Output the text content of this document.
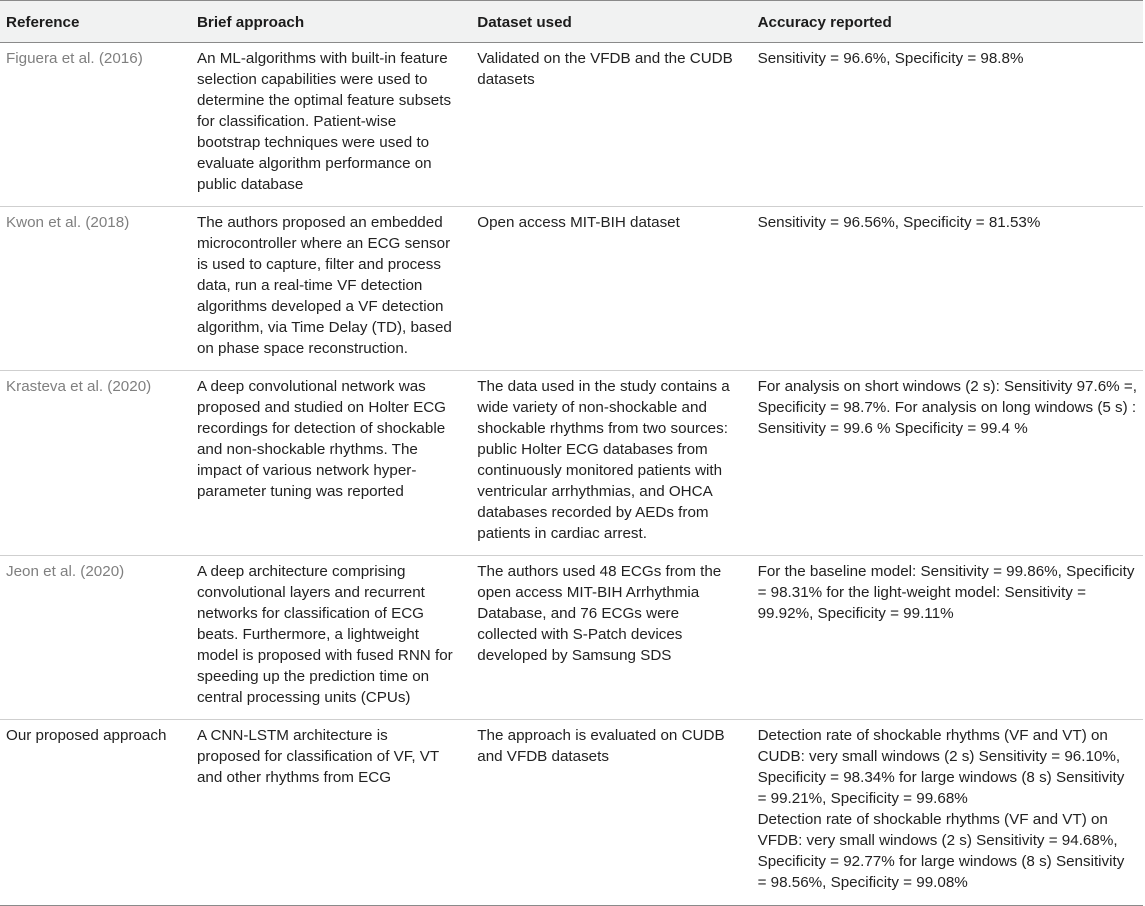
Reference	Brief approach	Dataset used	Accuracy reported
Figuera et al. (2016)	An ML-algorithms with built-in feature selection capabilities were used to determine the optimal feature subsets for classification. Patient-wise bootstrap techniques were used to evaluate algorithm performance on public database	Validated on the VFDB and the CUDB datasets	Sensitivity = 96.6%, Specificity = 98.8%

Kwon et al. (2018)	The authors proposed an embedded microcontroller where an ECG sensor is used to capture, filter and process data, run a real-time VF detection algorithms developed a VF detection algorithm, via Time Delay (TD), based on phase space reconstruction.	Open access MIT-BIH dataset	Sensitivity = 96.56%, Specificity = 81.53%

Krasteva et al. (2020)	A deep convolutional network was proposed and studied on Holter ECG recordings for detection of shockable and non-shockable rhythms. The impact of various network hyper-parameter tuning was reported	The data used in the study contains a wide variety of non-shockable and shockable rhythms from two sources: public Holter ECG databases from continuously monitored patients with ventricular arrhythmias, and OHCA databases recorded by AEDs from patients in cardiac arrest.	For analysis on short windows (2 s): Sensitivity 97.6% =, Specificity = 98.7%. For analysis on long windows (5 s) : Sensitivity = 99.6 % Specificity = 99.4 %

Jeon et al. (2020)	A deep architecture comprising convolutional layers and recurrent networks for classification of ECG beats. Furthermore, a lightweight model is proposed with fused RNN for speeding up the prediction time on central processing units (CPUs)	The authors used 48 ECGs from the open access MIT-BIH Arrhythmia Database, and 76 ECGs were collected with S-Patch devices developed by Samsung SDS	For the baseline model: Sensitivity = 99.86%, Specificity = 98.31% for the light-weight model: Sensitivity = 99.92%, Specificity = 99.11%

Our proposed approach	A CNN-LSTM architecture is proposed for classification of VF, VT and other rhythms from ECG	The approach is evaluated on CUDB and VFDB datasets	Detection rate of shockable rhythms (VF and VT) on CUDB: very small windows (2 s) Sensitivity = 96.10%, Specificity = 98.34% for large windows (8 s) Sensitivity = 99.21%, Specificity = 99.68%
Detection rate of shockable rhythms (VF and VT) on VFDB: very small windows (2 s) Sensitivity = 94.68%, Specificity = 92.77% for large windows (8 s) Sensitivity = 98.56%, Specificity = 99.08%
